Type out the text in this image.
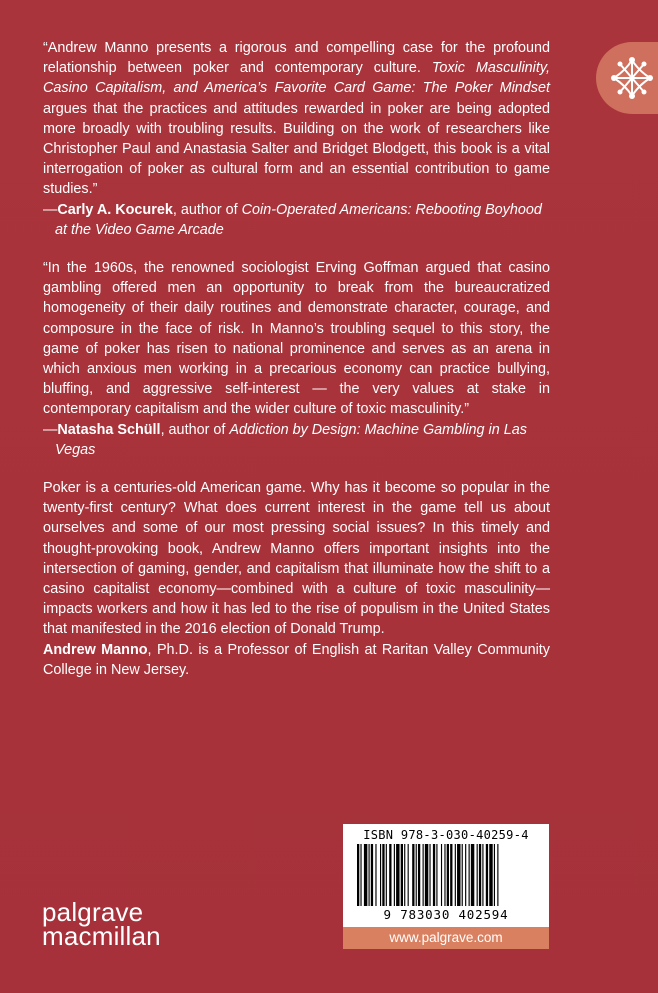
“Andrew Manno presents a rigorous and compelling case for the profound relationship between poker and contemporary culture. Toxic Masculinity, Casino Capitalism, and America’s Favorite Card Game: The Poker Mindset argues that the practices and attitudes rewarded in poker are being adopted more broadly with troubling results. Building on the work of researchers like Christopher Paul and Anastasia Salter and Bridget Blodgett, this book is a vital interrogation of poker as cultural form and an essential contribution to game studies.”

—Carly A. Kocurek, author of Coin-Operated Americans: Rebooting Boyhood at the Video Game Arcade

“In the 1960s, the renowned sociologist Erving Goffman argued that casino gambling offered men an opportunity to break from the bureaucratized homogeneity of their daily routines and demonstrate character, courage, and composure in the face of risk. In Manno’s troubling sequel to this story, the game of poker has risen to national prominence and serves as an arena in which anxious men working in a precarious economy can practice bullying, bluffing, and aggressive self-interest — the very values at stake in contemporary capitalism and the wider culture of toxic masculinity.”

—Natasha Schüll, author of Addiction by Design: Machine Gambling in Las Vegas

Poker is a centuries-old American game. Why has it become so popular in the twenty-first century? What does current interest in the game tell us about ourselves and some of our most pressing social issues? In this timely and thought-provoking book, Andrew Manno offers important insights into the intersection of gaming, gender, and capitalism that illuminate how the shift to a casino capitalist economy—combined with a culture of toxic masculinity—impacts workers and how it has led to the rise of populism in the United States that manifested in the 2016 election of Donald Trump.

Andrew Manno, Ph.D. is a Professor of English at Raritan Valley Community College in New Jersey.

palgrave
macmillan
ISBN 978-3-030-40259-4
9 783030 402594
www.palgrave.com
